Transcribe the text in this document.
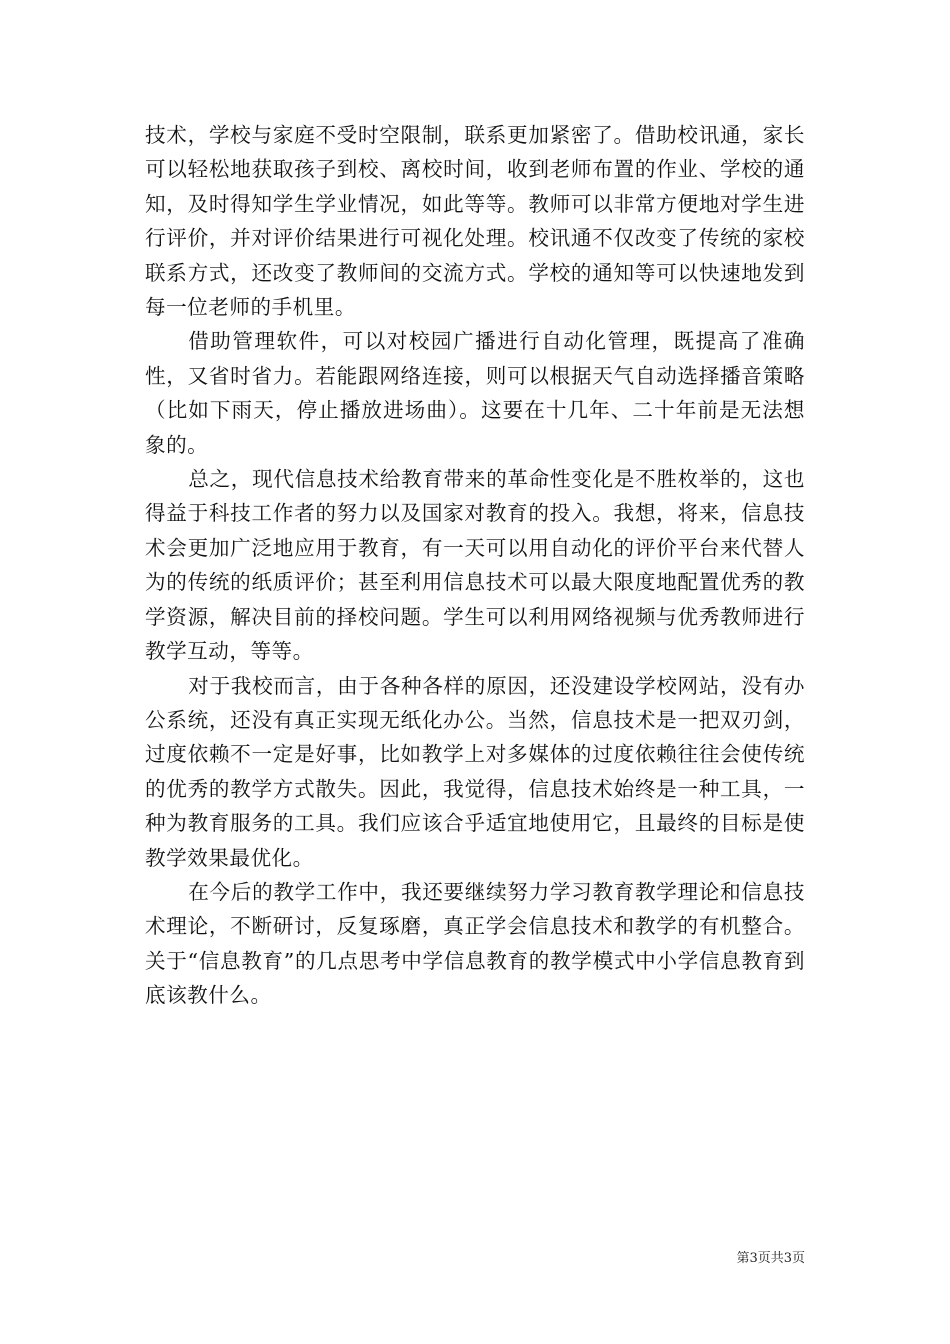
技术，学校与家庭不受时空限制，联系更加紧密了。借助校讯通，家长可以轻松地获取孩子到校、离校时间，收到老师布置的作业、学校的通知，及时得知学生学业情况，如此等等。教师可以非常方便地对学生进行评价，并对评价结果进行可视化处理。校讯通不仅改变了传统的家校联系方式，还改变了教师间的交流方式。学校的通知等可以快速地发到每一位老师的手机里。

借助管理软件，可以对校园广播进行自动化管理，既提高了准确性，又省时省力。若能跟网络连接，则可以根据天气自动选择播音策略（比如下雨天，停止播放进场曲）。这要在十几年、二十年前是无法想象的。

总之，现代信息技术给教育带来的革命性变化是不胜枚举的，这也得益于科技工作者的努力以及国家对教育的投入。我想，将来，信息技术会更加广泛地应用于教育，有一天可以用自动化的评价平台来代替人为的传统的纸质评价；甚至利用信息技术可以最大限度地配置优秀的教学资源，解决目前的择校问题。学生可以利用网络视频与优秀教师进行教学互动，等等。

对于我校而言，由于各种各样的原因，还没建设学校网站，没有办公系统，还没有真正实现无纸化办公。当然，信息技术是一把双刃剑，过度依赖不一定是好事，比如教学上对多媒体的过度依赖往往会使传统的优秀的教学方式散失。因此，我觉得，信息技术始终是一种工具，一种为教育服务的工具。我们应该合乎适宜地使用它，且最终的目标是使教学效果最优化。

在今后的教学工作中，我还要继续努力学习教育教学理论和信息技术理论，不断研讨，反复琢磨，真正学会信息技术和教学的有机整合。关于“信息教育”的几点思考中学信息教育的教学模式中小学信息教育到底该教什么。

第3页共3页
